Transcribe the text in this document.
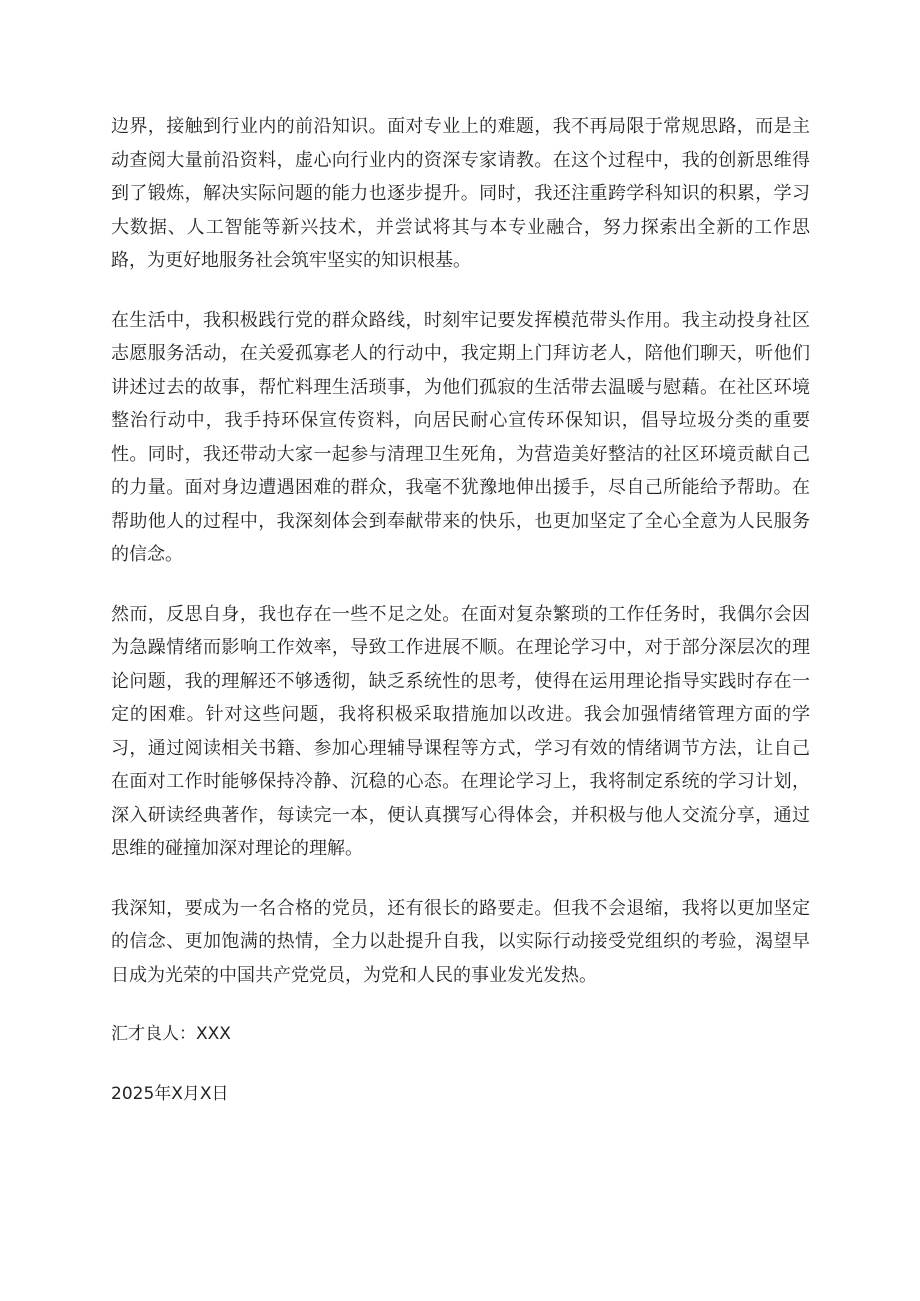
边界，接触到行业内的前沿知识。面对专业上的难题，我不再局限于常规思路，而是主动查阅大量前沿资料，虚心向行业内的资深专家请教。在这个过程中，我的创新思维得到了锻炼，解决实际问题的能力也逐步提升。同时，我还注重跨学科知识的积累，学习大数据、人工智能等新兴技术，并尝试将其与本专业融合，努力探索出全新的工作思路，为更好地服务社会筑牢坚实的知识根基。

在生活中，我积极践行党的群众路线，时刻牢记要发挥模范带头作用。我主动投身社区志愿服务活动，在关爱孤寡老人的行动中，我定期上门拜访老人，陪他们聊天，听他们讲述过去的故事，帮忙料理生活琐事，为他们孤寂的生活带去温暖与慰藉。在社区环境整治行动中，我手持环保宣传资料，向居民耐心宣传环保知识，倡导垃圾分类的重要性。同时，我还带动大家一起参与清理卫生死角，为营造美好整洁的社区环境贡献自己的力量。面对身边遭遇困难的群众，我毫不犹豫地伸出援手，尽自己所能给予帮助。在帮助他人的过程中，我深刻体会到奉献带来的快乐，也更加坚定了全心全意为人民服务的信念。

然而，反思自身，我也存在一些不足之处。在面对复杂繁琐的工作任务时，我偶尔会因为急躁情绪而影响工作效率，导致工作进展不顺。在理论学习中，对于部分深层次的理论问题，我的理解还不够透彻，缺乏系统性的思考，使得在运用理论指导实践时存在一定的困难。针对这些问题，我将积极采取措施加以改进。我会加强情绪管理方面的学习，通过阅读相关书籍、参加心理辅导课程等方式，学习有效的情绪调节方法，让自己在面对工作时能够保持冷静、沉稳的心态。在理论学习上，我将制定系统的学习计划，深入研读经典著作，每读完一本，便认真撰写心得体会，并积极与他人交流分享，通过思维的碰撞加深对理论的理解。

我深知，要成为一名合格的党员，还有很长的路要走。但我不会退缩，我将以更加坚定的信念、更加饱满的热情，全力以赴提升自我，以实际行动接受党组织的考验，渴望早日成为光荣的中国共产党党员，为党和人民的事业发光发热。

汇才良人：XXX

2025年X月X日
